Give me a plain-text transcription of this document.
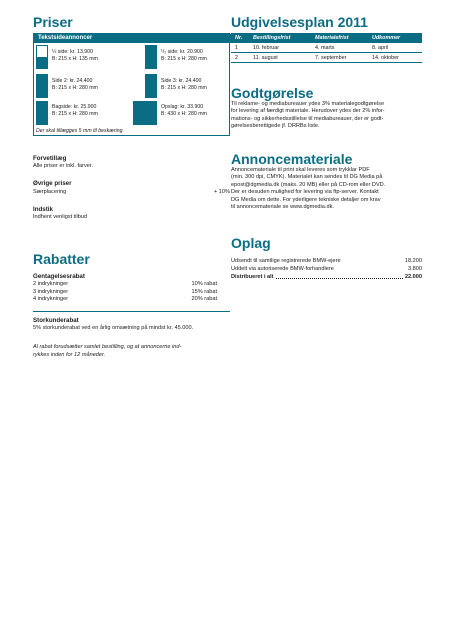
Priser
Tekstsideannoncer
¼ side: kr. 13.900
B: 215 x H: 135 mm
¹/₂ side: kr. 20.900
B: 215 x H: 280 mm
Side 2: kr. 24.400
B: 215 x H: 280 mm
Side 3: kr. 24.400
B: 215 x H: 280 mm
Bagside: kr. 25.900
B: 215 x H: 280 mm
Opslag: kr. 33.900
B: 430 x H: 280 mm
Der skal tillægges 5 mm til beskæring.
Forvetillæg

Alle priser er inkl. farver.

Øvrige priser
Særplacering	+ 10%
Indstik

Indhent venligst tilbud

Rabatter
Gentagelsesrabat
2 indrykninger	10% rabat
3 indrykninger	15% rabat
4 indrykninger	20% rabat
Storkunderabat

5% storkunderabat ved en årlig omsætning på mindst kr. 45.000.

Al rabat forudsætter samlet bestilling, og at annoncerne ind-

rykkes inden for 12 måneder.

Udgivelsesplan 2011
Nr.	Bestillingsfrist	Materialefrist	Udkommer
1	10. februar	4. marts	8. april
2	11. august	7. september	14. oktober
Godtgørelse

Til reklame- og mediabureauer ydes 3% materialegodtgørelse

for levering af færdigt materiale. Herudover ydes der 2% infor-

mations- og sikkerhedsstillelse til mediabureauer, der er godt-

gørelsesberettigede jf. DRRBs liste.

Annoncemateriale

Annoncemateriale til print skal leveres som trykklar PDF

(min. 300 dpi, CMYK). Materialet kan sendes til DG Media på

epost@dgmedia.dk (maks. 20 MB) eller på CD-rom eller DVD.

Der er desuden mulighed for levering via ftp-server. Kontakt

DG Media om dette. For yderligere tekniske detaljer om krav

til annoncemateriale se www.dgmedia.dk.

Oplag
Udsendt til samtlige registrerede BMW-ejere	18.200
Uddelt via autoriserede BMW-forhandlere	3.800
Distribueret i alt	22.000
